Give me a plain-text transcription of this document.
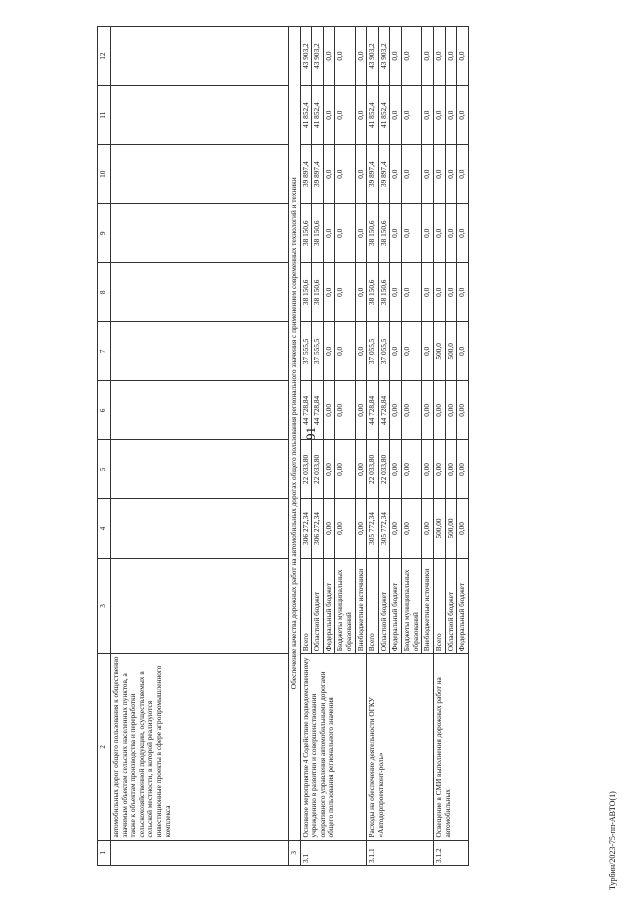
91
Турбин/2023-75-пп-АВТО(1)
1	2	3	4	5	6	7	8	9	10	11	12
	автомобильных дорог общего пользования к общественно значимым объектам сельских населенных пунктов, а также к объектам производства и переработки сельскохозяйственной продукции, осуществляемых в сельской местности, в которой реализуются инвестиционные проекты в сфере агропромышленного комплекса										
3	Обеспечение качества дорожных работ на автомобильных дорогах общего пользования регионального значения с применением современных технологий и техники										
3.1	Основное мероприятие 4 Содействие подведомственному учреждению в развитии и совершенствовании оперативного управления автомобильными дорогами общего пользования регионального значения	Всего	306 272,34	22 033,80	44 728,84	37 555,5	38 150,6	38 150,6	39 897,4	41 852,4	43 903,2
		Областной бюджет	306 272,34	22 033,80	44 728,84	37 555,5	38 150,6	38 150,6	39 897,4	41 852,4	43 903,2
		Федеральный бюджет	0,00	0,00	0,00	0,0	0,0	0,0	0,0	0,0	0,0
		Бюджеты муниципальных образований	0,00	0,00	0,00	0,0	0,0	0,0	0,0	0,0	0,0
		Внебюджетные источники	0,00	0,00	0,00	0,0	0,0	0,0	0,0	0,0	0,0
3.1.1	Расходы на обеспечение деятельности ОГКУ «Автодорпроектконт-роль»	Всего	305 772,34	22 033,80	44 728,84	37 055,5	38 150,6	38 150,6	39 897,4	41 852,4	43 903,2
		Областной бюджет	305 772,34	22 033,80	44 728,84	37 055,5	38 150,6	38 150,6	39 897,4	41 852,4	43 903,2
		Федеральный бюджет	0,00	0,00	0,00	0,0	0,0	0,0	0,0	0,0	0,0
		Бюджеты муниципальных образований	0,00	0,00	0,00	0,0	0,0	0,0	0,0	0,0	0,0
		Внебюджетные источники	0,00	0,00	0,00	0,0	0,0	0,0	0,0	0,0	0,0
3.1.2	Освещение в СМИ выполнения дорожных работ на автомобильных	Всего	500,00	0,00	0,00	500,0	0,0	0,0	0,0	0,0	0,0
		Областной бюджет	500,00	0,00	0,00	500,0	0,0	0,0	0,0	0,0	0,0
		Федеральный бюджет	0,00	0,00	0,00	0,0	0,0	0,0	0,0	0,0	0,0
